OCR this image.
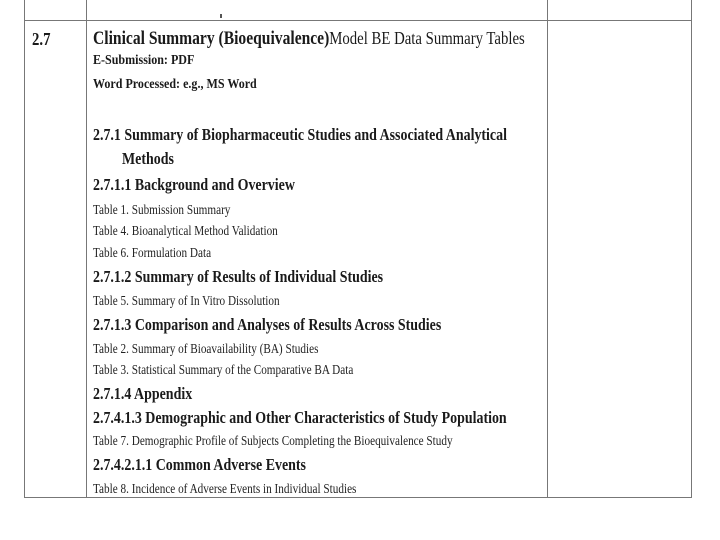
2.7 Clinical Summary (Bioequivalence)Model BE Data Summary Tables
E-Submission: PDF
Word Processed: e.g., MS Word
2.7.1 Summary of Biopharmaceutic Studies and Associated Analytical
Methods
2.7.1.1 Background and Overview
Table 1. Submission Summary
Table 4. Bioanalytical Method Validation
Table 6. Formulation Data
2.7.1.2 Summary of Results of Individual Studies
Table 5. Summary of In Vitro Dissolution
2.7.1.3 Comparison and Analyses of Results Across Studies
Table 2. Summary of Bioavailability (BA) Studies
Table 3. Statistical Summary of the Comparative BA Data
2.7.1.4 Appendix
2.7.4.1.3 Demographic and Other Characteristics of Study Population
Table 7. Demographic Profile of Subjects Completing the Bioequivalence Study
2.7.4.2.1.1 Common Adverse Events
Table 8. Incidence of Adverse Events in Individual Studies
